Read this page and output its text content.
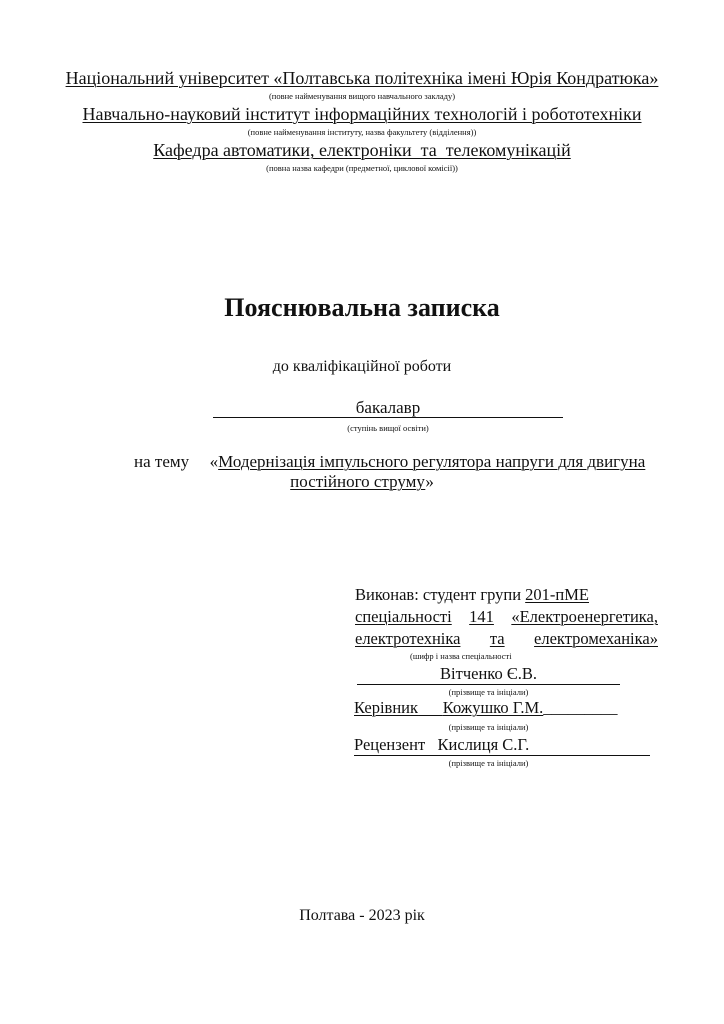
Національний університет «Полтавська політехніка імені Юрія Кондратюка»
(повне найменування вищого навчального закладу)
Навчально-науковий інститут інформаційних технологій і робототехніки
(повне найменування інституту, назва факультету (відділення))
Кафедра автоматики, електроніки  та  телекомунікацій
(повна назва кафедри (предметної, циклової комісії))
Пояснювальна записка
до кваліфікаційної роботи
бакалавр
(ступінь вищої освіти)
на тему «Модернізація імпульсного регулятора напруги для двигуна
постійного струму»
Виконав: студент групи 201-пМЕ
спеціальності 141 «Електроенергетика,
електротехніка та електромеханіка»
(шифр і назва спеціальності
Вітченко Є.В.
(прізвище та ініціали)
Керівник Кожушко Г.М._________
(прізвище та ініціали)
Рецензент Кислиця С.Г.
(прізвище та ініціали)
Полтава - 2023 рік
